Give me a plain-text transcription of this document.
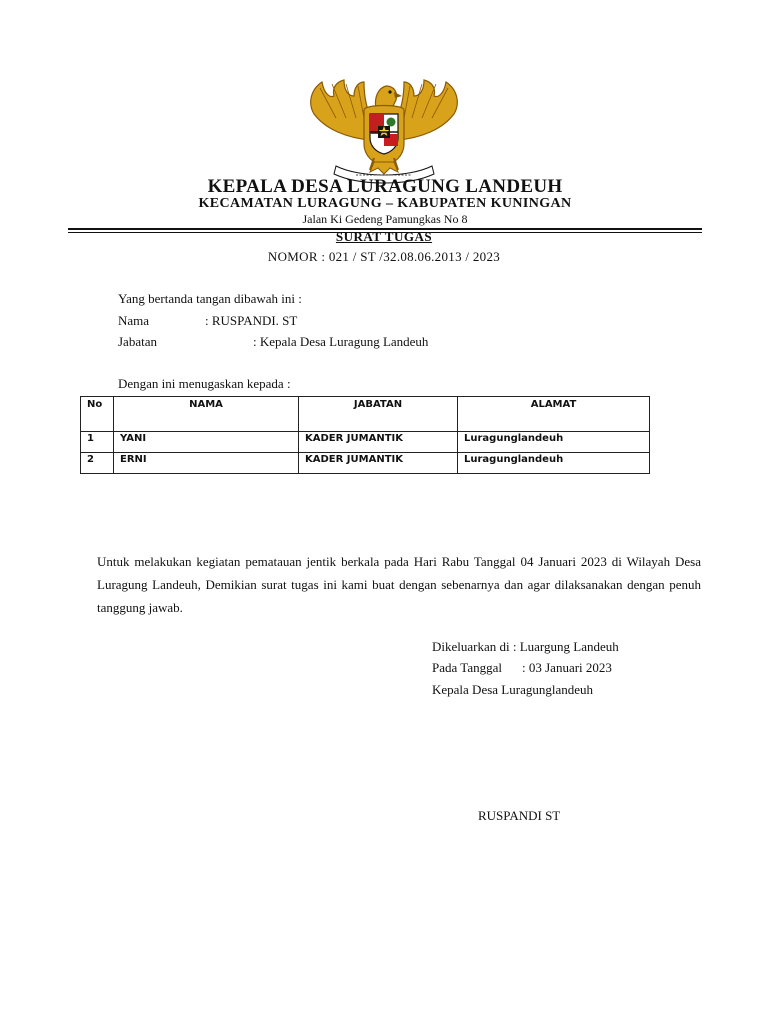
KEPALA DESA LURAGUNG LANDEUH
KECAMATAN LURAGUNG – KABUPATEN KUNINGAN
Jalan Ki Gedeng Pamungkas No 8
SURAT TUGAS
NOMOR : 021 / ST /32.08.06.2013 / 2023
Yang bertanda tangan dibawah ini :
Nama	: RUSPANDI. ST
Jabatan	: Kepala Desa Luragung Landeuh
Dengan ini menugaskan kepada :
No	NAMA	JABATAN	ALAMAT
1	YANI	KADER JUMANTIK	Luragunglandeuh
2	ERNI	KADER JUMANTIK	Luragunglandeuh
Untuk melakukan kegiatan pematauan jentik berkala pada Hari Rabu Tanggal 04 Januari 2023 di Wilayah Desa Luragung Landeuh, Demikian surat tugas ini kami buat dengan sebenarnya dan agar dilaksanakan dengan penuh tanggung jawab.
Dikeluarkan di : Luargung Landeuh
Pada Tanggal : 03 Januari 2023
Kepala Desa Luragunglandeuh
RUSPANDI ST
